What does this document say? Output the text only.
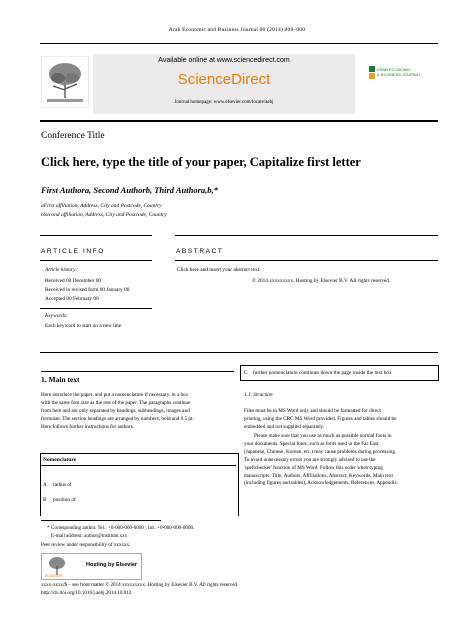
Arab Economic and Business Journal 00 (2014) 000–000
Available online at www.sciencedirect.com
ScienceDirect
Journal homepage: www.elsevier.com/locate/aebj
ARAB ECONOMIC
& BUSINESS JOURNAL
Conference Title
Click here, type the title of your paper, Capitalize first letter
First Authora, Second Authorb, Third Authora,b,*
aFirst affiliation, Address, City and Postcode, Country
bSecond affiliation, Address, City and Postcode, Country
ARTICLE INFO	ABSTRACT
Article history:
Received 00 December 00
Received in revised form 00 January 00
Accepted 00 February 00
Keywords:
Each keyword to start on a new line
Click here and insert your abstract text.
© 2014 xxxxxxxxx. Hosting by Elsevier B.V. All rights reserved.
1. Main text
Here introduce the paper, and put a nomenclature if necessary, in a box
with the same font size as the rest of the paper. The paragraphs continue
from here and are only separated by headings, subheadings, images and
formulae. The section headings are arranged by numbers, bold and 9.5 pt.
Here follows further instructions for authors.
Nomenclature
A radius of
B position of
C further nomenclature continues down the page inside the text box
1.1. Structure
Files must be in MS Word only and should be formatted for direct
printing, using the CRC MS Word provided. Figures and tables should be
embedded and not supplied separately.
Please make sure that you use as much as possible normal fonts in
your documents. Special fonts, such as fonts used in the Far East
(Japanese, Chinese, Korean, etc.) may cause problems during processing.
To avoid unnecessary errors you are strongly advised to use the
'spellchecker' function of MS Word. Follow this order when typing
manuscripts: Title, Authors, Affiliations, Abstract, Keywords, Main text
(including figures and tables), Acknowledgements, References, Appendix.
* Corresponding author. Tel.: +0-000-000-0000 ; fax: +0-000-000-0000.
E-mail address: author@institute.xxx
Peer review under responsibility of xxxxxx.
ELSEVIER
Hosting by Elsevier
xxxx-xxxx/$ – see front matter © 2014 xxxxxxxxx. Hosting by Elsevier B.V. All rights reserved.
http://dx.doi.org/10.1016/j.aebj.2014.10.012
